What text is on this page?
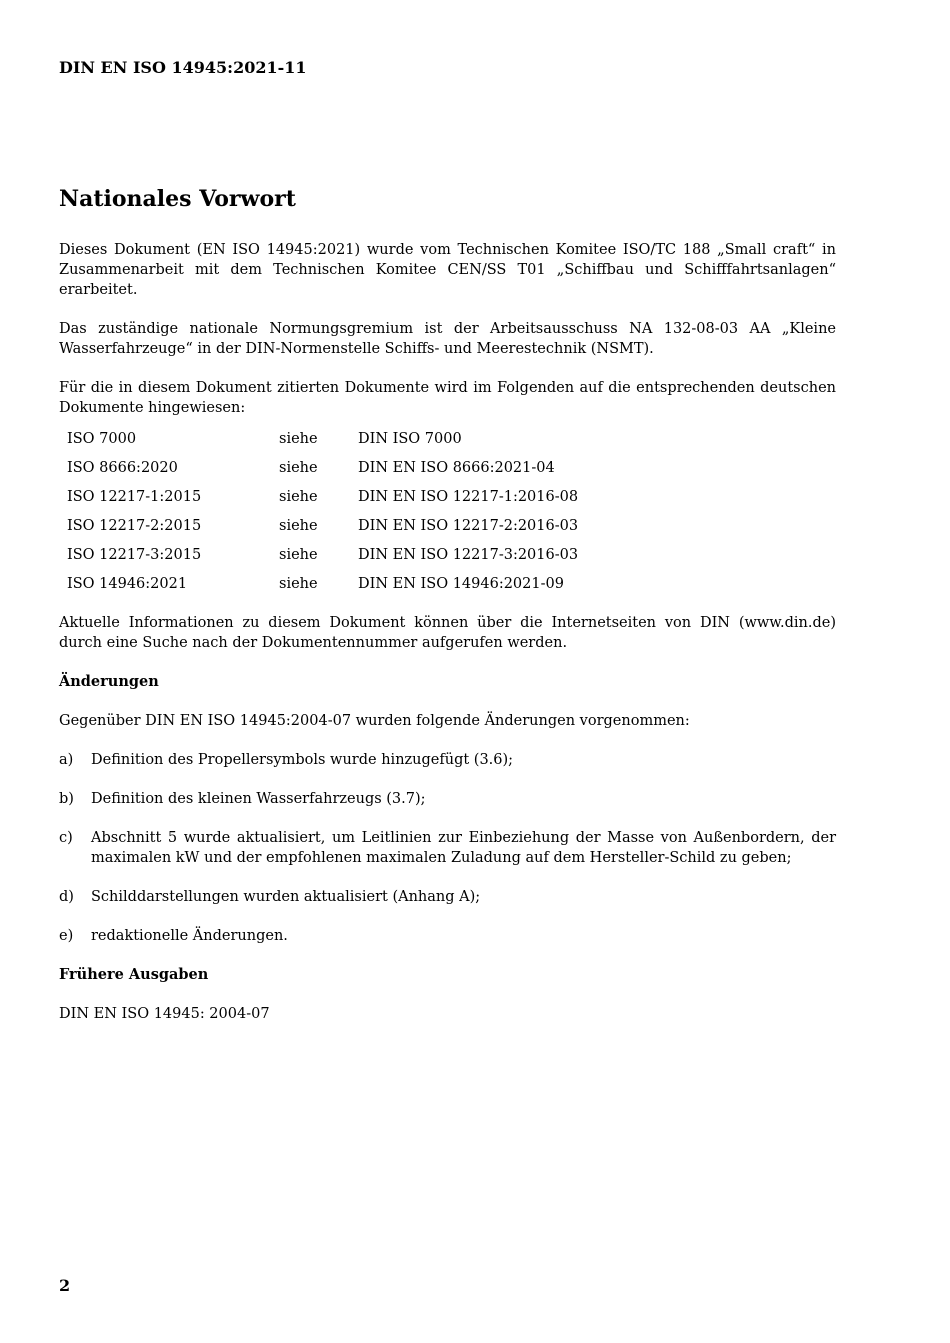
DIN EN ISO 14945:2021-11
Nationales Vorwort

Dieses Dokument (EN ISO 14945:2021) wurde vom Technischen Komitee ISO/TC 188 „Small craft“ in Zusammenarbeit mit dem Technischen Komitee CEN/SS T01 „Schiffbau und Schifffahrtsanlagen“ erarbeitet.

Das zuständige nationale Normungsgremium ist der Arbeitsausschuss NA 132-08-03 AA „Kleine Wasserfahrzeuge“ in der DIN-Normenstelle Schiffs- und Meerestechnik (NSMT).

Für die in diesem Dokument zitierten Dokumente wird im Folgenden auf die entsprechenden deutschen Dokumente hingewiesen:

ISO 7000	siehe	DIN ISO 7000
ISO 8666:2020	siehe	DIN EN ISO 8666:2021-04
ISO 12217-1:2015	siehe	DIN EN ISO 12217-1:2016-08
ISO 12217-2:2015	siehe	DIN EN ISO 12217-2:2016-03
ISO 12217-3:2015	siehe	DIN EN ISO 12217-3:2016-03
ISO 14946:2021	siehe	DIN EN ISO 14946:2021-09

Aktuelle Informationen zu diesem Dokument können über die Internetseiten von DIN (www.din.de) durch eine Suche nach der Dokumentennummer aufgerufen werden.

Änderungen

Gegenüber DIN EN ISO 14945:2004-07 wurden folgende Änderungen vorgenommen:

a)	Definition des Propellersymbols wurde hinzugefügt (3.6);
b)	Definition des kleinen Wasserfahrzeugs (3.7);
c)	Abschnitt 5 wurde aktualisiert, um Leitlinien zur Einbeziehung der Masse von Außenbordern, der maximalen kW und der empfohlenen maximalen Zuladung auf dem Hersteller-Schild zu geben;
d)	Schilddarstellungen wurden aktualisiert (Anhang A);
e)	redaktionelle Änderungen.

Frühere Ausgaben

DIN EN ISO 14945: 2004-07

2
